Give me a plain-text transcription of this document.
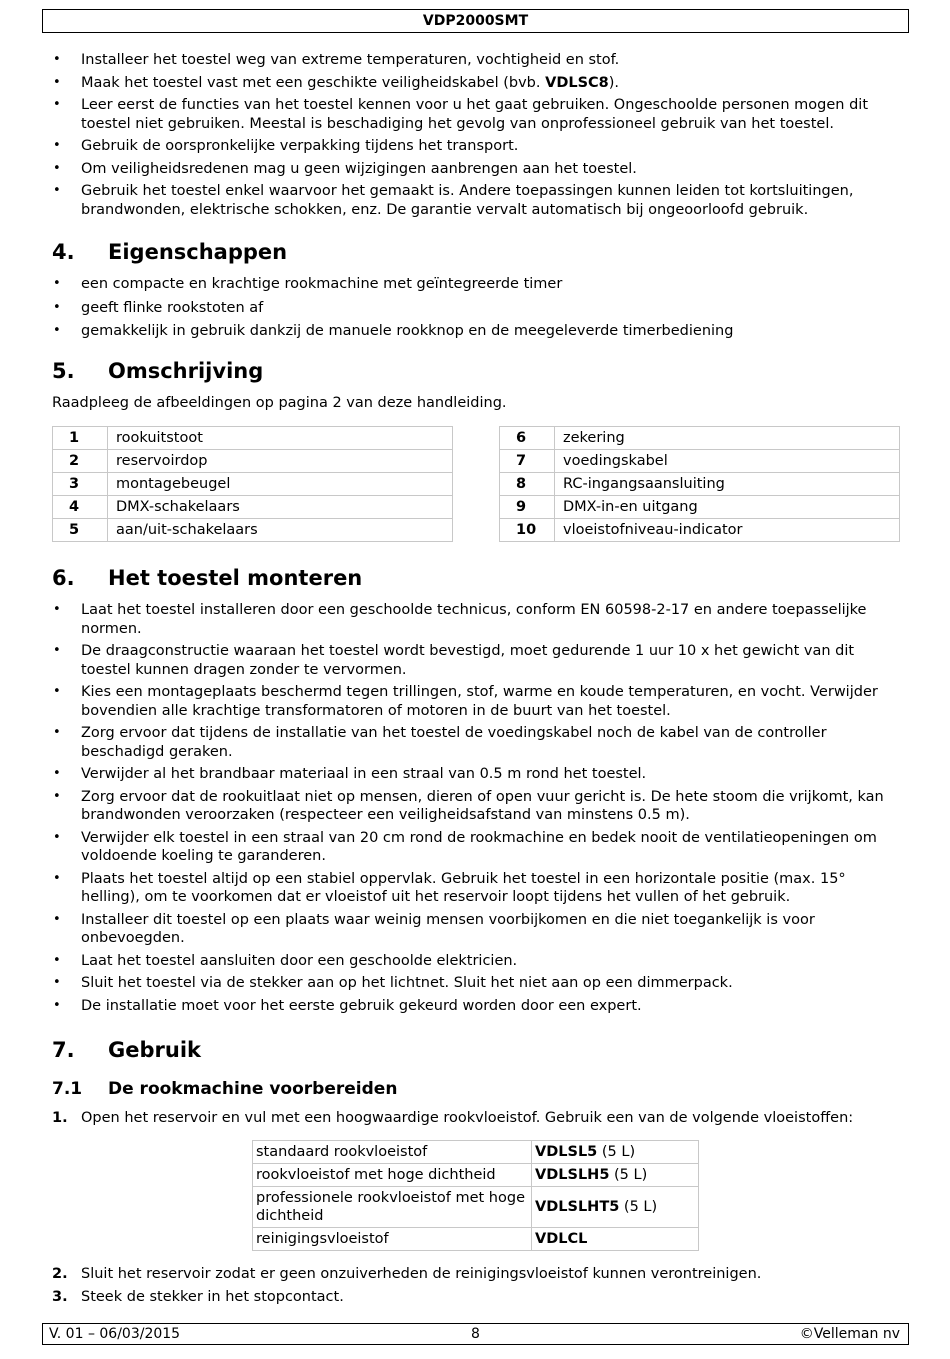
VDP2000SMT
• Installeer het toestel weg van extreme temperaturen, vochtigheid en stof.
• Maak het toestel vast met een geschikte veiligheidskabel (bvb. VDLSC8).
• Leer eerst de functies van het toestel kennen voor u het gaat gebruiken. Ongeschoolde personen mogen dit toestel niet gebruiken. Meestal is beschadiging het gevolg van onprofessioneel gebruik van het toestel.
• Gebruik de oorspronkelijke verpakking tijdens het transport.
• Om veiligheidsredenen mag u geen wijzigingen aanbrengen aan het toestel.
• Gebruik het toestel enkel waarvoor het gemaakt is. Andere toepassingen kunnen leiden tot kortsluitingen, brandwonden, elektrische schokken, enz. De garantie vervalt automatisch bij ongeoorloofd gebruik.
4. Eigenschappen
• een compacte en krachtige rookmachine met geïntegreerde timer
• geeft flinke rookstoten af
• gemakkelijk in gebruik dankzij de manuele rookknop en de meegeleverde timerbediening
5. Omschrijving
Raadpleeg de afbeeldingen op pagina 2 van deze handleiding.
1	rookuitstoot
2	reservoirdop
3	montagebeugel
4	DMX-schakelaars
5	aan/uit-schakelaars
6	zekering
7	voedingskabel
8	RC-ingangsaansluiting
9	DMX-in-en uitgang
10	vloeistofniveau-indicator
6. Het toestel monteren
• Laat het toestel installeren door een geschoolde technicus, conform EN 60598-2-17 en andere toepasselijke normen.
• De draagconstructie waaraan het toestel wordt bevestigd, moet gedurende 1 uur 10 x het gewicht van dit toestel kunnen dragen zonder te vervormen.
• Kies een montageplaats beschermd tegen trillingen, stof, warme en koude temperaturen, en vocht. Verwijder bovendien alle krachtige transformatoren of motoren in de buurt van het toestel.
• Zorg ervoor dat tijdens de installatie van het toestel de voedingskabel noch de kabel van de controller beschadigd geraken.
• Verwijder al het brandbaar materiaal in een straal van 0.5 m rond het toestel.
• Zorg ervoor dat de rookuitlaat niet op mensen, dieren of open vuur gericht is. De hete stoom die vrijkomt, kan brandwonden veroorzaken (respecteer een veiligheidsafstand van minstens 0.5 m).
• Verwijder elk toestel in een straal van 20 cm rond de rookmachine en bedek nooit de ventilatieopeningen om voldoende koeling te garanderen.
• Plaats het toestel altijd op een stabiel oppervlak. Gebruik het toestel in een horizontale positie (max. 15° helling), om te voorkomen dat er vloeistof uit het reservoir loopt tijdens het vullen of het gebruik.
• Installeer dit toestel op een plaats waar weinig mensen voorbijkomen en die niet toegankelijk is voor onbevoegden.
• Laat het toestel aansluiten door een geschoolde elektricien.
• Sluit het toestel via de stekker aan op het lichtnet. Sluit het niet aan op een dimmerpack.
• De installatie moet voor het eerste gebruik gekeurd worden door een expert.
7. Gebruik
7.1 De rookmachine voorbereiden
1. Open het reservoir en vul met een hoogwaardige rookvloeistof. Gebruik een van de volgende vloeistoffen:
standaard rookvloeistof	VDLSL5 (5 L)
rookvloeistof met hoge dichtheid	VDLSLH5 (5 L)
professionele rookvloeistof met hoge dichtheid	VDLSLHT5 (5 L)
reinigingsvloeistof	VDLCL
2. Sluit het reservoir zodat er geen onzuiverheden de reinigingsvloeistof kunnen verontreinigen.
3. Steek de stekker in het stopcontact.
V. 01 – 06/03/2015	8	©Velleman nv
